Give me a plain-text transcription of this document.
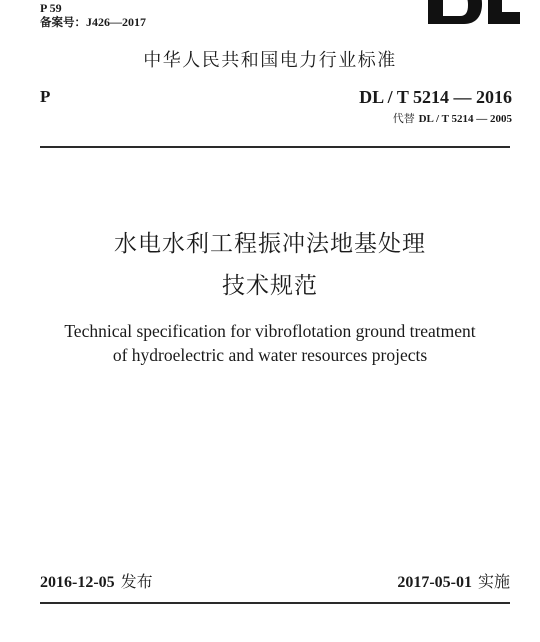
P 59
备案号：J426—2017
中华人民共和国电力行业标准
P	DL / T 5214 — 2016
代替 DL / T 5214 — 2005
水电水利工程振冲法地基处理
技术规范
Technical specification for vibroflotation ground treatment
of hydroelectric and water resources projects
2016-12-05 发布	2017-05-01 实施
